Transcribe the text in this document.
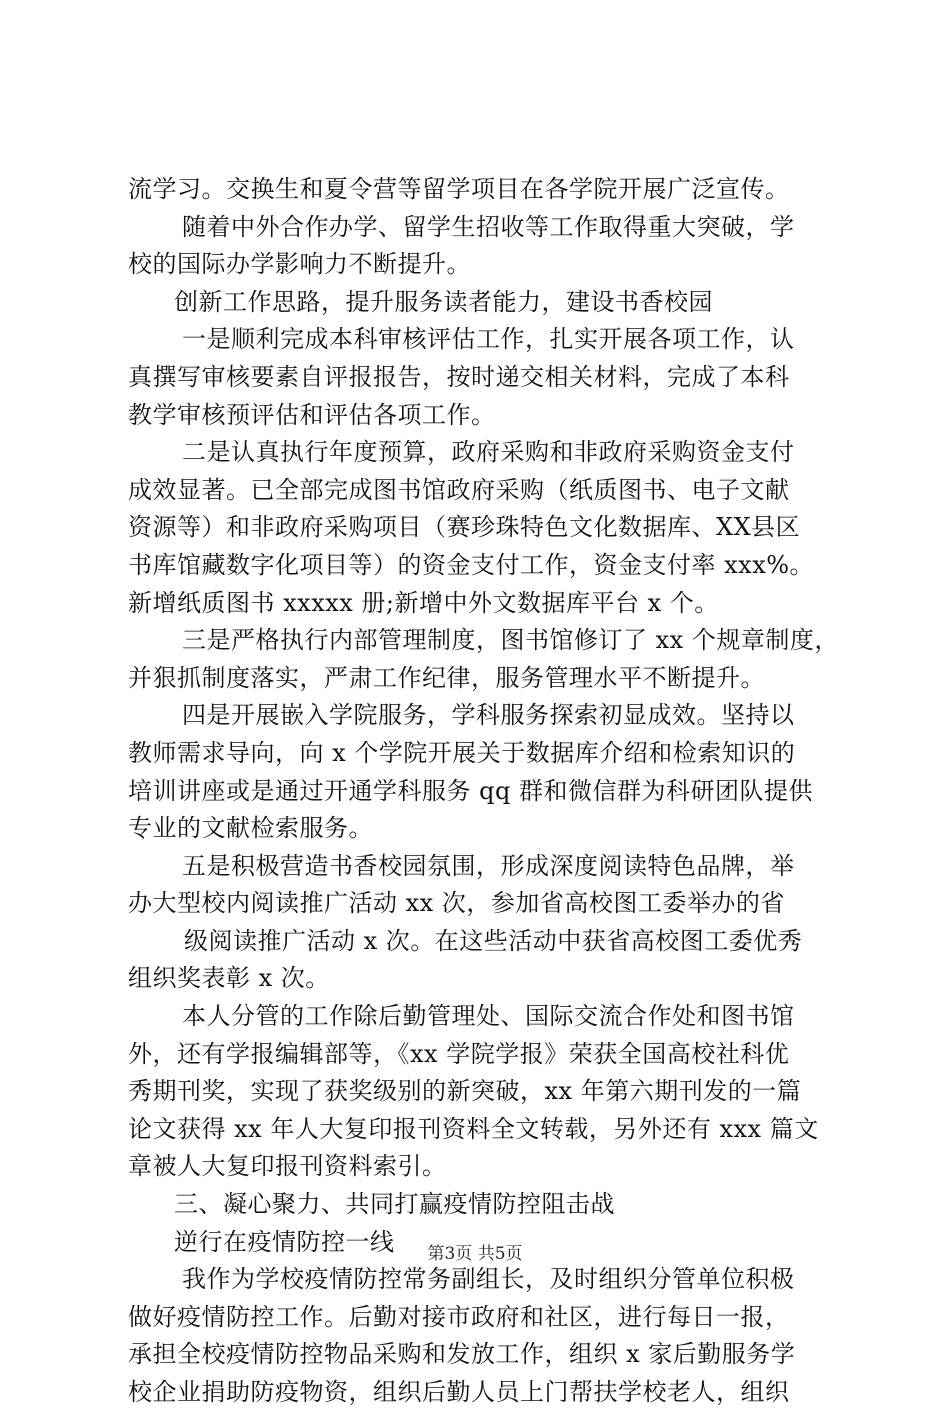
流学习。交换生和夏令营等留学项目在各学院开展广泛宣传。
随着中外合作办学、留学生招收等工作取得重大突破，学
校的国际办学影响力不断提升。
创新工作思路，提升服务读者能力，建设书香校园
一是顺利完成本科审核评估工作，扎实开展各项工作，认
真撰写审核要素自评报报告，按时递交相关材料，完成了本科
教学审核预评估和评估各项工作。
二是认真执行年度预算，政府采购和非政府采购资金支付
成效显著。已全部完成图书馆政府采购（纸质图书、电子文献
资源等）和非政府采购项目（赛珍珠特色文化数据库、XX县区
书库馆藏数字化项目等）的资金支付工作，资金支付率 xxx%。
新增纸质图书 xxxxx 册;新增中外文数据库平台 x 个。
三是严格执行内部管理制度，图书馆修订了 xx 个规章制度，
并狠抓制度落实，严肃工作纪律，服务管理水平不断提升。
四是开展嵌入学院服务，学科服务探索初显成效。坚持以
教师需求导向，向 x 个学院开展关于数据库介绍和检索知识的
培训讲座或是通过开通学科服务 qq 群和微信群为科研团队提供
专业的文献检索服务。
五是积极营造书香校园氛围，形成深度阅读特色品牌，举
办大型校内阅读推广活动 xx 次，参加省高校图工委举办的省
级阅读推广活动 x 次。在这些活动中获省高校图工委优秀
组织奖表彰 x 次。
本人分管的工作除后勤管理处、国际交流合作处和图书馆
外，还有学报编辑部等，《xx 学院学报》荣获全国高校社科优
秀期刊奖，实现了获奖级别的新突破，xx 年第六期刊发的一篇
论文获得 xx 年人大复印报刊资料全文转载，另外还有 xxx 篇文
章被人大复印报刊资料索引。
三、凝心聚力、共同打赢疫情防控阻击战
逆行在疫情防控一线
我作为学校疫情防控常务副组长，及时组织分管单位积极
做好疫情防控工作。后勤对接市政府和社区，进行每日一报，
承担全校疫情防控物品采购和发放工作，组织 x 家后勤服务学
校企业捐助防疫物资，组织后勤人员上门帮扶学校老人，组织
第3页 共5页
